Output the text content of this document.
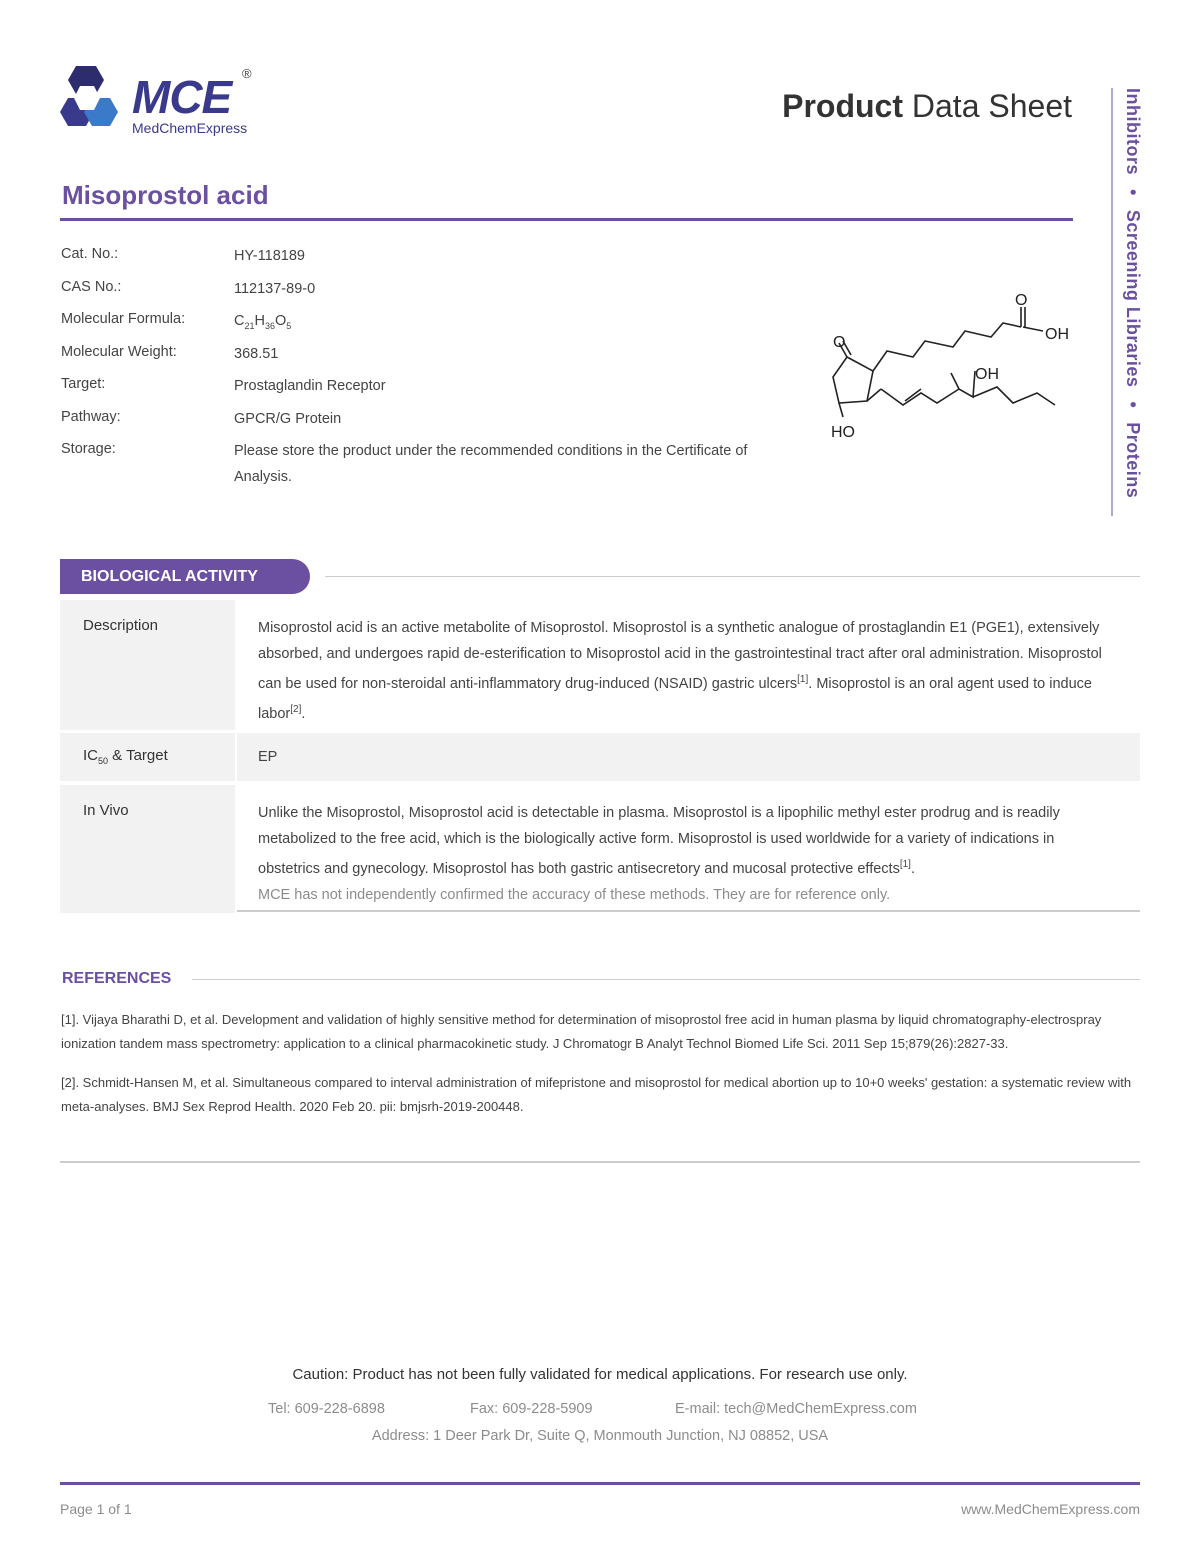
MCE ®
MedChemExpress
Product Data Sheet	Inhibitors•Screening Libraries•Proteins
Misoprostol acid
Cat. No.:	HY-118189
CAS No.:	112137-89-0
Molecular Formula:	$C_{21}H_{36}O_5$
Molecular Weight:	368.51
Target:	Prostaglandin Receptor
Pathway:	GPCR/G Protein
Storage:	Please store the product under the recommended conditions in the Certificate of Analysis.
O
O
OH
OH
HO
BIOLOGICAL ACTIVITY
Description	Misoprostol acid is an active metabolite of Misoprostol. Misoprostol is a synthetic analogue of prostaglandin E1 (PGE1), extensively absorbed, and undergoes rapid de-esterification to Misoprostol acid in the gastrointestinal tract after oral administration. Misoprostol can be used for non-steroidal anti-inflammatory drug-induced (NSAID) gastric ulcers[1]. Misoprostol is an oral agent used to induce labor[2].
$IC_{50}$ & Target	EP
In Vivo	Unlike the Misoprostol, Misoprostol acid is detectable in plasma. Misoprostol is a lipophilic methyl ester prodrug and is readily metabolized to the free acid, which is the biologically active form. Misoprostol is used worldwide for a variety of indications in obstetrics and gynecology. Misoprostol has both gastric antisecretory and mucosal protective effects[1].
MCE has not independently confirmed the accuracy of these methods. They are for reference only.
REFERENCES

[1]. Vijaya Bharathi D, et al. Development and validation of highly sensitive method for determination of misoprostol free acid in human plasma by liquid chromatography-electrospray ionization tandem mass spectrometry: application to a clinical pharmacokinetic study. J Chromatogr B Analyt Technol Biomed Life Sci. 2011 Sep 15;879(26):2827-33.

[2]. Schmidt-Hansen M, et al. Simultaneous compared to interval administration of mifepristone and misoprostol for medical abortion up to 10+0 weeks' gestation: a systematic review with meta-analyses. BMJ Sex Reprod Health. 2020 Feb 20. pii: bmjsrh-2019-200448.

Caution: Product has not been fully validated for medical applications. For research use only.
Tel: 609-228-6898	Fax: 609-228-5909	E-mail: tech@MedChemExpress.com
Address: 1 Deer Park Dr, Suite Q, Monmouth Junction, NJ 08852, USA
Page 1 of 1	www.MedChemExpress.com
